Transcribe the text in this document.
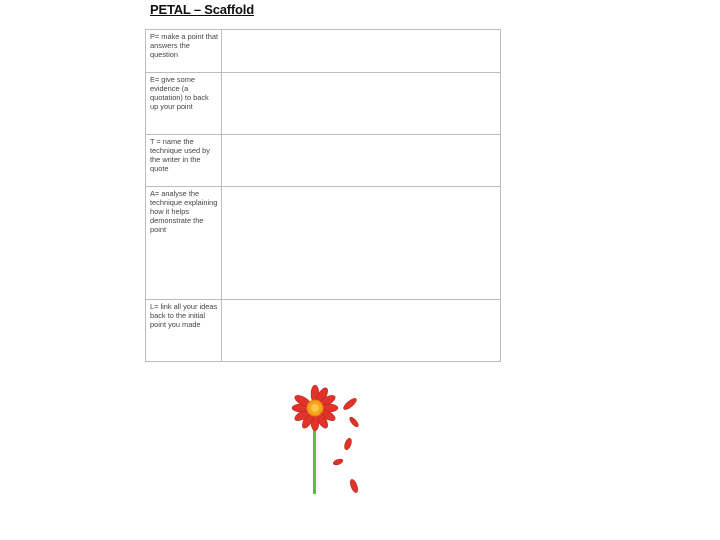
PETAL – Scaffold
P= make a point that answers the question
E= give some evidence (a quotation) to back up your point
T = name the technique used by the writer in the quote
A= analyse the technique explaining how it helps demonstrate the point
L= link all your ideas back to the initial point you made
